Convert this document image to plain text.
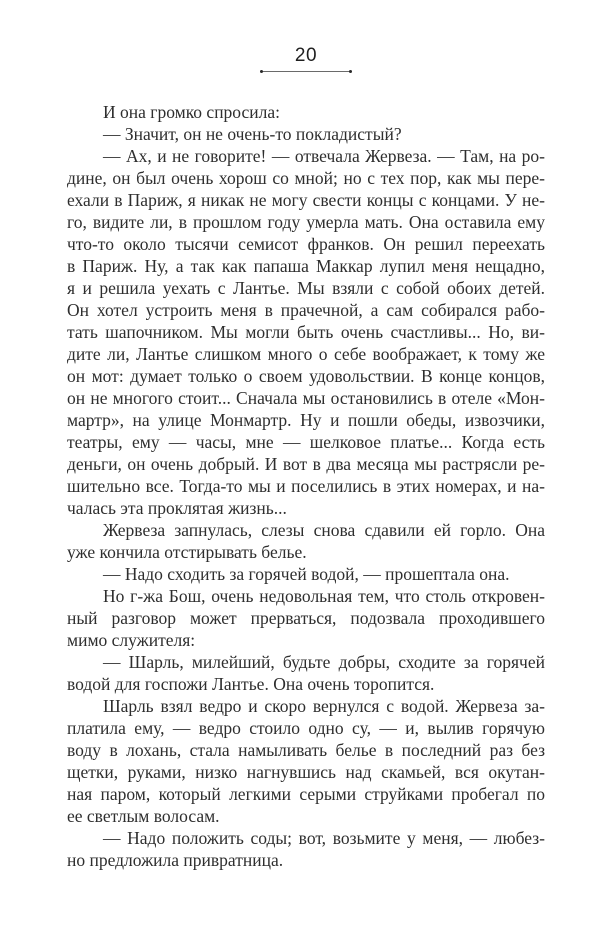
20
И она громко спросила:
— Значит, он не очень-то покладистый?
— Ах, и не говорите! — отвечала Жервеза. — Там, на ро-
дине, он был очень хорош со мной; но с тех пор, как мы пере-
ехали в Париж, я никак не могу свести концы с концами. У не-
го, видите ли, в прошлом году умерла мать. Она оставила ему
что-то около тысячи семисот франков. Он решил переехать
в Париж. Ну, а так как папаша Маккар лупил меня нещадно,
я и решила уехать с Лантье. Мы взяли с собой обоих детей.
Он хотел устроить меня в прачечной, а сам собирался рабо-
тать шапочником. Мы могли быть очень счастливы... Но, ви-
дите ли, Лантье слишком много о себе воображает, к тому же
он мот: думает только о своем удовольствии. В конце концов,
он не многого стоит... Сначала мы остановились в отеле «Мон-
мартр», на улице Монмартр. Ну и пошли обеды, извозчики,
театры, ему — часы, мне — шелковое платье... Когда есть
деньги, он очень добрый. И вот в два месяца мы растрясли ре-
шительно все. Тогда-то мы и поселились в этих номерах, и на-
чалась эта проклятая жизнь...
Жервеза запнулась, слезы снова сдавили ей горло. Она
уже кончила отстирывать белье.
— Надо сходить за горячей водой, — прошептала она.
Но г-жа Бош, очень недовольная тем, что столь откровен-
ный разговор может прерваться, подозвала проходившего
мимо служителя:
— Шарль, милейший, будьте добры, сходите за горячей
водой для госпожи Лантье. Она очень торопится.
Шарль взял ведро и скоро вернулся с водой. Жервеза за-
платила ему, — ведро стоило одно су, — и, вылив горячую
воду в лохань, стала намыливать белье в последний раз без
щетки, руками, низко нагнувшись над скамьей, вся окутан-
ная паром, который легкими серыми струйками пробегал по
ее светлым волосам.
— Надо положить соды; вот, возьмите у меня, — любез-
но предложила привратница.
